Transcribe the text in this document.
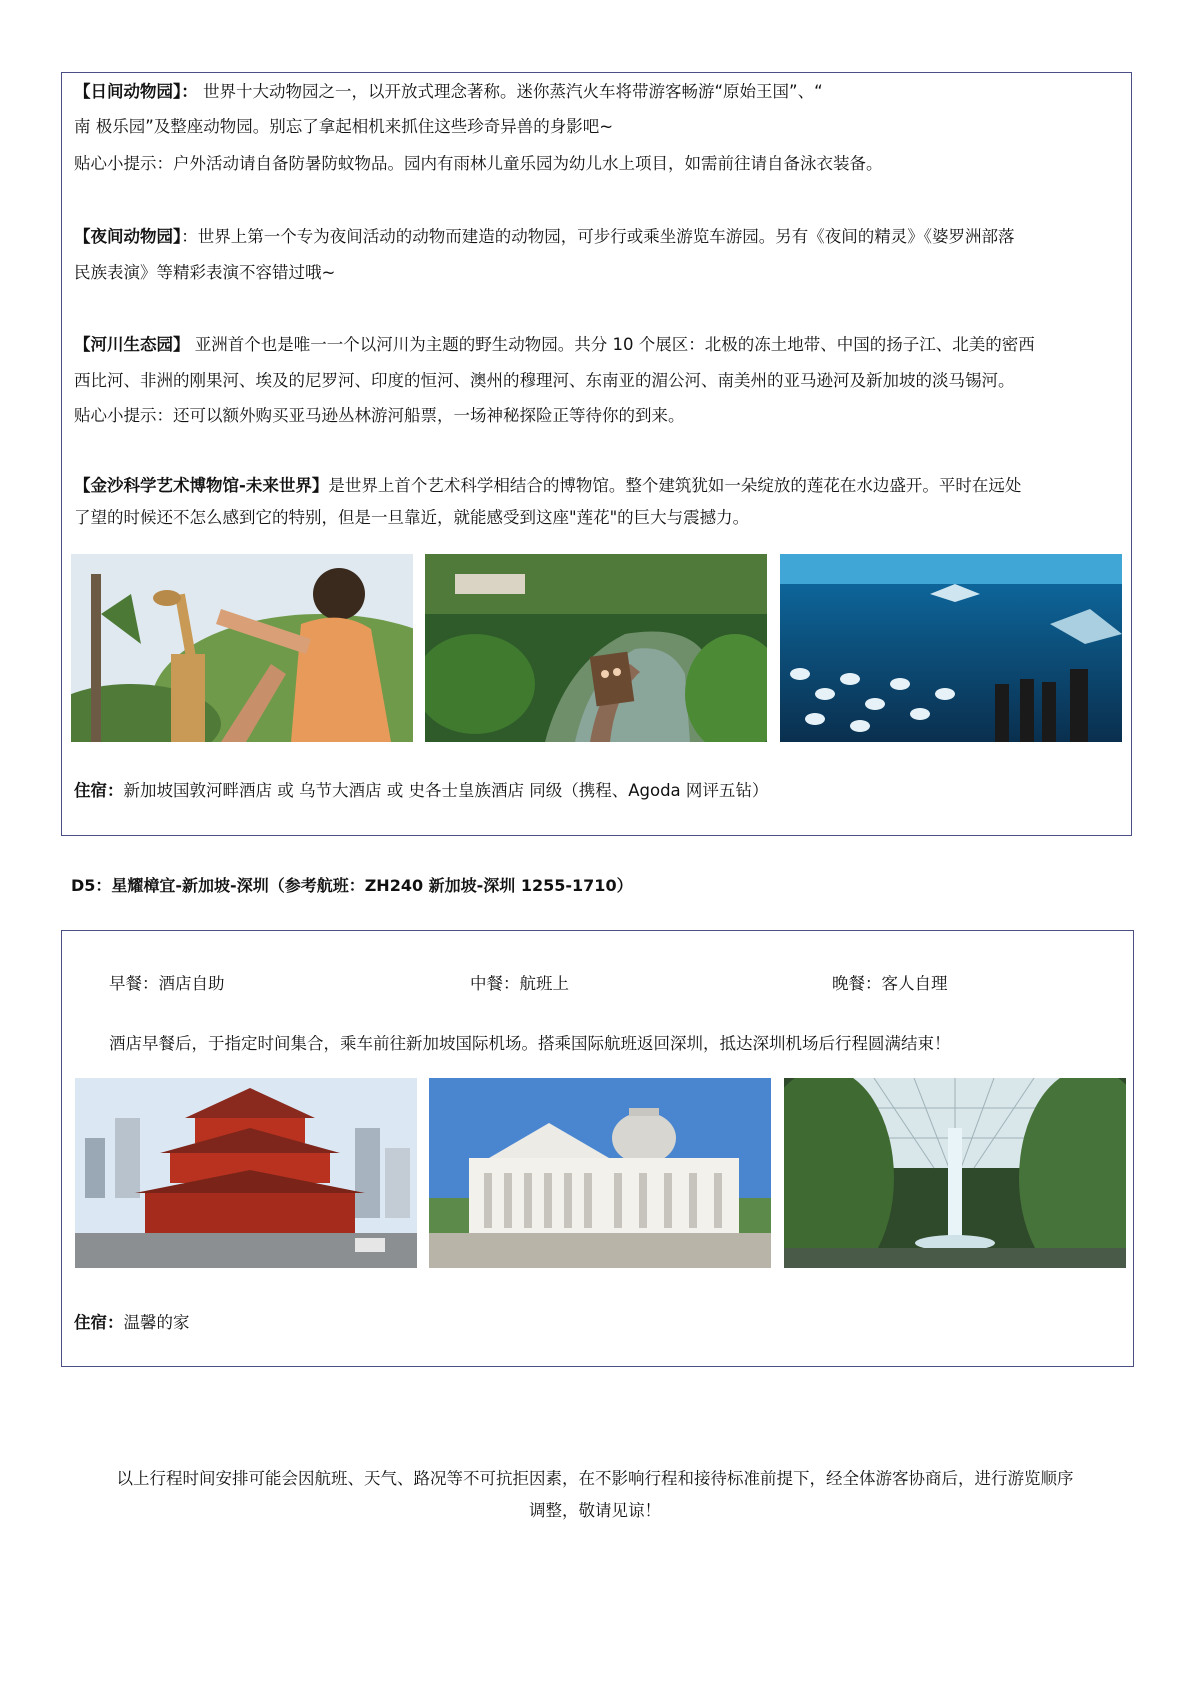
【日间动物园】： 世界十大动物园之一，以开放式理念著称。迷你蒸汽火车将带游客畅游“原始王国”、“
南 极乐园”及整座动物园。别忘了拿起相机来抓住这些珍奇异兽的身影吧~
贴心小提示：户外活动请自备防暑防蚊物品。园内有雨林儿童乐园为幼儿水上项目，如需前往请自备泳衣装备。
【夜间动物园】：世界上第一个专为夜间活动的动物而建造的动物园，可步行或乘坐游览车游园。另有《夜间的精灵》《婆罗洲部落
民族表演》等精彩表演不容错过哦~
【河川生态园】 亚洲首个也是唯一一个以河川为主题的野生动物园。共分 10 个展区：北极的冻土地带、中国的扬子江、北美的密西
西比河、非洲的刚果河、埃及的尼罗河、印度的恒河、澳州的穆理河、东南亚的湄公河、南美州的亚马逊河及新加坡的淡马锡河。
贴心小提示：还可以额外购买亚马逊丛林游河船票，一场神秘探险正等待你的到来。
【金沙科学艺术博物馆-未来世界】是世界上首个艺术科学相结合的博物馆。整个建筑犹如一朵绽放的莲花在水边盛开。平时在远处
了望的时候还不怎么感到它的特别，但是一旦靠近，就能感受到这座"莲花"的巨大与震撼力。
住宿：新加坡国敦河畔酒店 或 乌节大酒店 或 史各士皇族酒店 同级（携程、Agoda 网评五钻）
D5：星耀樟宜-新加坡-深圳（参考航班：ZH240 新加坡-深圳 1255-1710）
早餐：酒店自助	中餐：航班上	晚餐：客人自理
酒店早餐后，于指定时间集合，乘车前往新加坡国际机场。搭乘国际航班返回深圳，抵达深圳机场后行程圆满结束！
住宿：温馨的家
以上行程时间安排可能会因航班、天气、路况等不可抗拒因素，在不影响行程和接待标准前提下，经全体游客协商后，进行游览顺序
调整，敬请见谅！
